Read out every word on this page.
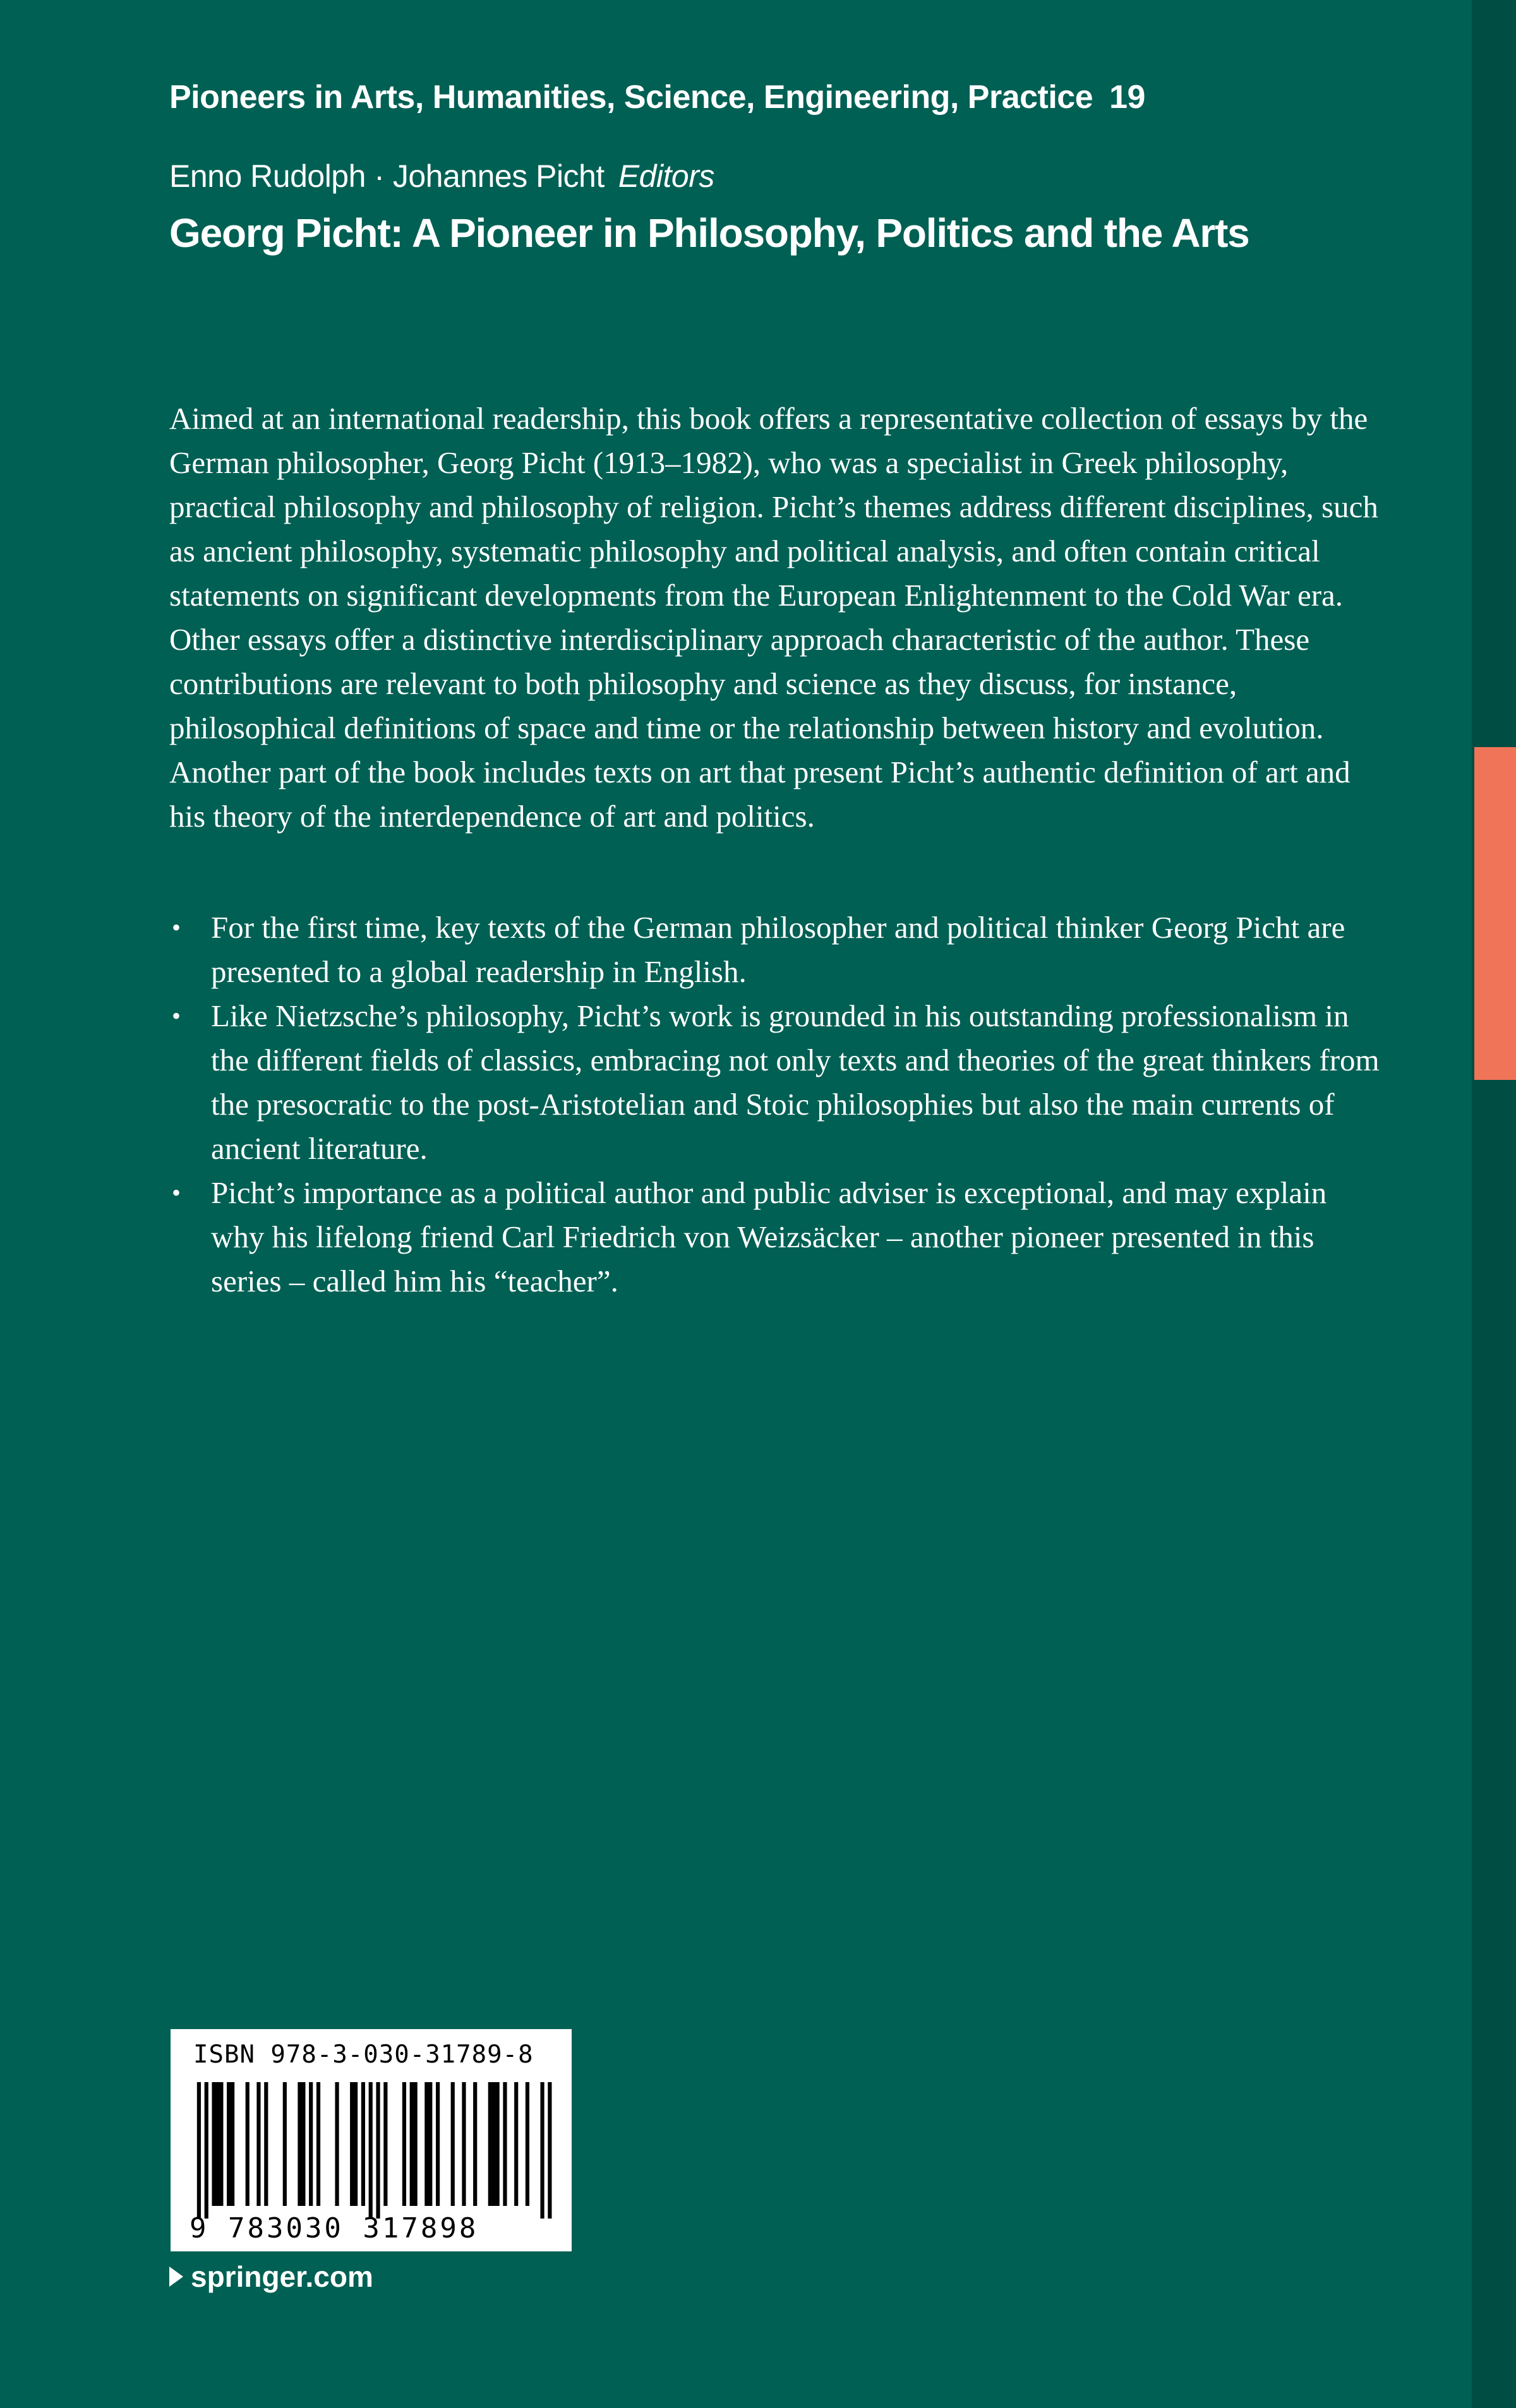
Pioneers in Arts, Humanities, Science, Engineering, Practice 19
Enno Rudolph · Johannes Picht Editors
Georg Picht: A Pioneer in Philosophy, Politics and the Arts

Aimed at an international readership, this book offers a representative collection of essays by the German philosopher, Georg Picht (1913–1982), who was a specialist in Greek philosophy, practical philosophy and philosophy of religion. Picht’s themes address different disciplines, such as ancient philosophy, systematic philosophy and political analysis, and often contain critical statements on significant developments from the European Enlightenment to the Cold War era. Other essays offer a distinctive interdisciplinary approach characteristic of the author. These contributions are relevant to both philosophy and science as they discuss, for instance, philosophical definitions of space and time or the relationship between history and evolution. Another part of the book includes texts on art that present Picht’s authentic definition of art and his theory of the interdependence of art and politics.

• For the first time, key texts of the German philosopher and political thinker Georg Picht are presented to a global readership in English.
• Like Nietzsche’s philosophy, Picht’s work is grounded in his outstanding professionalism in the different fields of classics, embracing not only texts and theories of the great thinkers from the presocratic to the post-Aristotelian and Stoic philosophies but also the main currents of ancient literature.
• Picht’s importance as a political author and public adviser is exceptional, and may explain why his lifelong friend Carl Friedrich von Weizsäcker – another pioneer presented in this series – called him his “teacher”.
ISBN 978-3-030-31789-8
9 783030 317898
springer.com
